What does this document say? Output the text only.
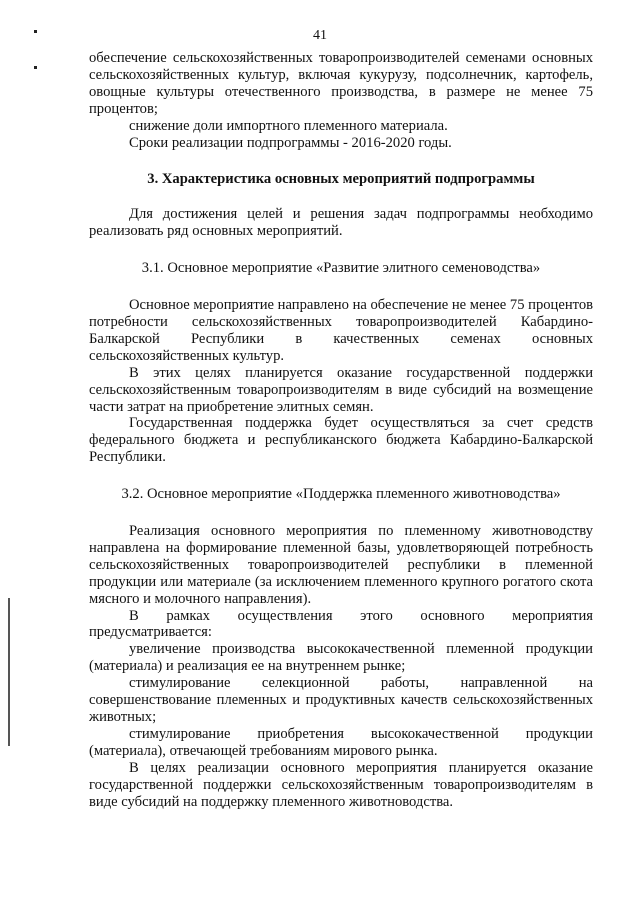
41

обеспечение сельскохозяйственных товаропроизводителей семенами основных сельскохозяйственных культур, включая кукурузу, подсолнечник, картофель, овощные культуры отечественного производства, в размере не менее 75 процентов;

снижение доли импортного племенного материала.

Сроки реализации подпрограммы - 2016-2020 годы.

3. Характеристика основных мероприятий подпрограммы

Для достижения целей и решения задач подпрограммы необходимо реализовать ряд основных мероприятий.

3.1. Основное мероприятие «Развитие элитного семеноводства»

Основное мероприятие направлено на обеспечение не менее 75 процентов потребности сельскохозяйственных товаропроизводителей Кабардино-Балкарской Республики в качественных семенах основных сельскохозяйственных культур.

В этих целях планируется оказание государственной поддержки сельскохозяйственным товаропроизводителям в виде субсидий на возмещение части затрат на приобретение элитных семян.

Государственная поддержка будет осуществляться за счет средств федерального бюджета и республиканского бюджета Кабардино-Балкарской Республики.

3.2. Основное мероприятие «Поддержка племенного животноводства»

Реализация основного мероприятия по племенному животноводству направлена на формирование племенной базы, удовлетворяющей потребность сельскохозяйственных товаропроизводителей республики в племенной продукции или материале (за исключением племенного крупного рогатого скота мясного и молочного направления).

В рамках осуществления этого основного мероприятия предусматривается:

увеличение производства высококачественной племенной продукции (материала) и реализация ее на внутреннем рынке;

стимулирование селекционной работы, направленной на совершенствование племенных и продуктивных качеств сельскохозяйственных животных;

стимулирование приобретения высококачественной продукции (материала), отвечающей требованиям мирового рынка.

В целях реализации основного мероприятия планируется оказание государственной поддержки сельскохозяйственным товаропроизводителям в виде субсидий на поддержку племенного животноводства.
